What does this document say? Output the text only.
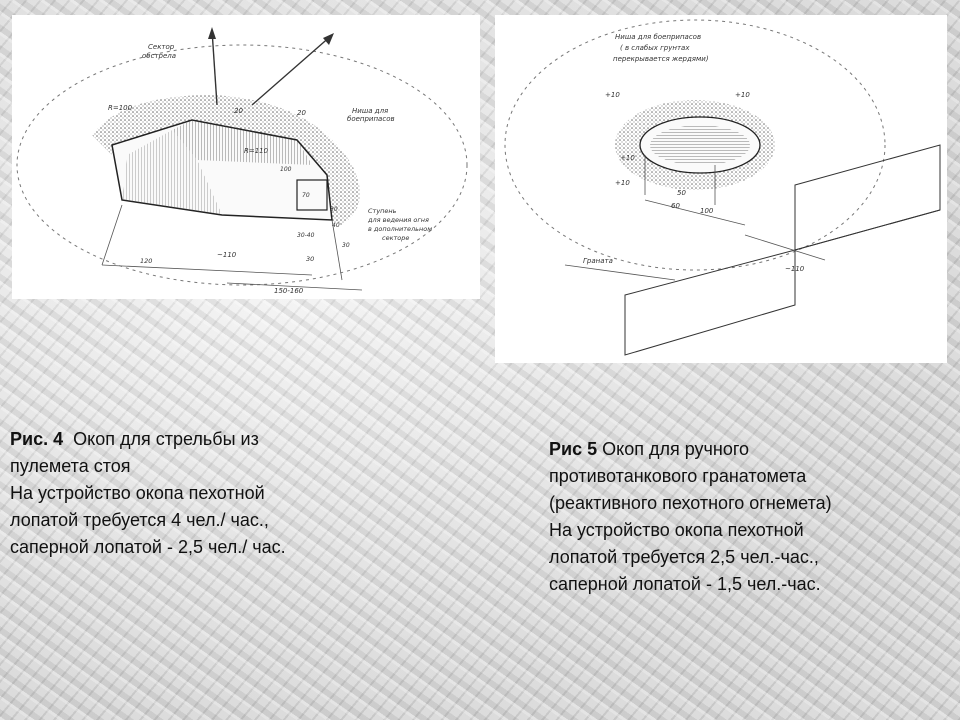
Сектор
обстрела
Ниша для
боеприпасов
Ступень
для ведения огня
в дополнительном
секторе
R=100	20	20
R=110
100
70
30
40
120
~110	30
150-160
30-40
30
Ниша для боеприпасов
( в слабых грунтах
перекрывается жердями)
+10	+10
+10
+10
50
60
100
~110
Граната
Рис. 4 Окоп для стрельбы из
пулемета стоя
На устройство окопа пехотной
лопатой требуется 4 чел./ час.,
саперной лопатой - 2,5 чел./ час.
Рис 5 Окоп для ручного
противотанкового гранатомета
(реактивного пехотного огнемета)
На устройство окопа пехотной
лопатой требуется 2,5 чел.-час.,
саперной лопатой - 1,5 чел.-час.
